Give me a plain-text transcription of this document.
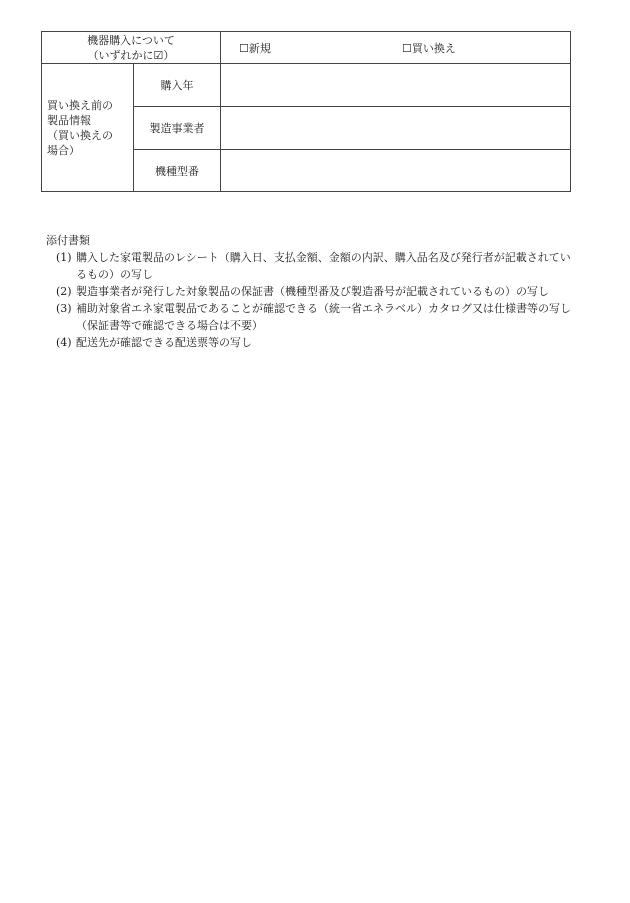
機器購入について
（いずれかに☑）		☐新規 ☐買い換え

買い換え前の
製品情報
（買い換えの
場合）	購入年	
	製造事業者	
	機種型番	
添付書類
(1) 購入した家電製品のレシート（購入日、支払金額、金額の内訳、購入品名及び発行者が記載されているもの）の写し
(2) 製造事業者が発行した対象製品の保証書（機種型番及び製造番号が記載されているもの）の写し
(3) 補助対象省エネ家電製品であることが確認できる（統一省エネラベル）カタログ又は仕様書等の写し（保証書等で確認できる場合は不要）
(4) 配送先が確認できる配送票等の写し
